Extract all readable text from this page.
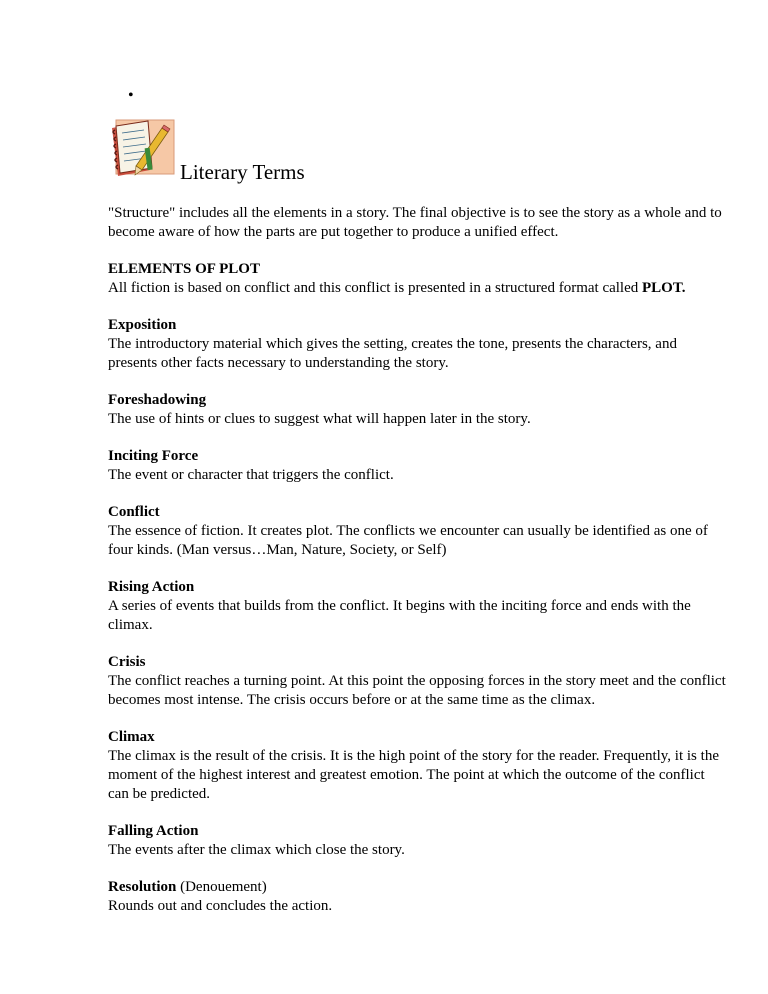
•
Literary Terms

"Structure" includes all the elements in a story. The final objective is to see the story as a whole and to become aware of how the parts are put together to produce a unified effect.

ELEMENTS OF PLOT

All fiction is based on conflict and this conflict is presented in a structured format called PLOT.

Exposition
The introductory material which gives the setting, creates the tone, presents the characters, and presents other facts necessary to understanding the story.
Foreshadowing
The use of hints or clues to suggest what will happen later in the story.
Inciting Force
The event or character that triggers the conflict.
Conflict
The essence of fiction. It creates plot. The conflicts we encounter can usually be identified as one of four kinds. (Man versus…Man, Nature, Society, or Self)
Rising Action
A series of events that builds from the conflict. It begins with the inciting force and ends with the climax.
Crisis
The conflict reaches a turning point. At this point the opposing forces in the story meet and the conflict becomes most intense. The crisis occurs before or at the same time as the climax.
Climax
The climax is the result of the crisis. It is the high point of the story for the reader. Frequently, it is the moment of the highest interest and greatest emotion. The point at which the outcome of the conflict can be predicted.
Falling Action
The events after the climax which close the story.
Resolution (Denouement)
Rounds out and concludes the action.
